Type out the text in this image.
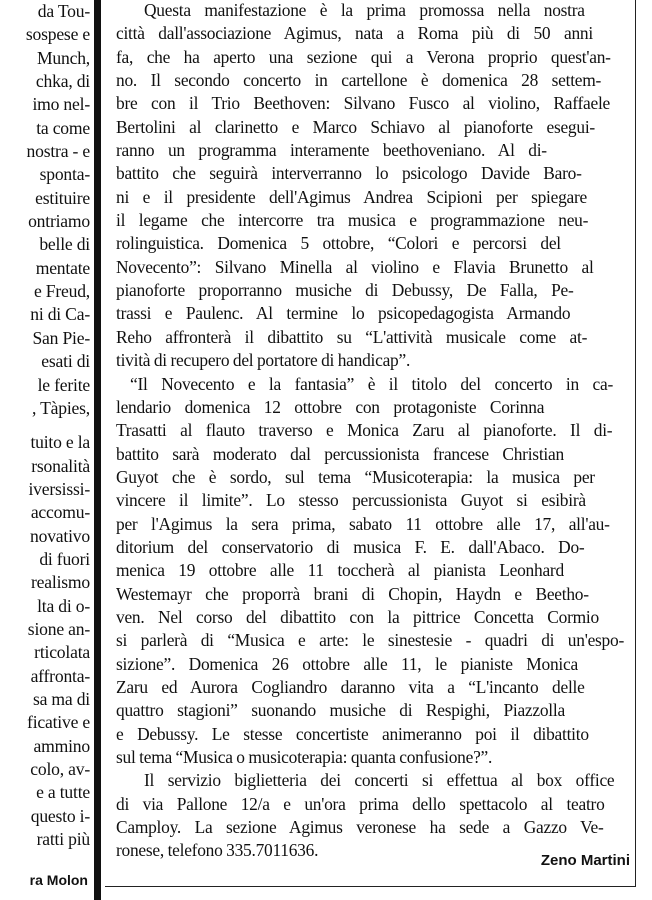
da Tou-
sospese e
Munch,
chka, di
imo nel-
ta come
nostra - e
sponta-
estituire
ontriamo
belle di
mentate
e Freud,
ni di Ca-
San Pie-
esati di
le ferite
, Tàpies,
tuito e la
rsonalità
iversissi-
accomu-
novativo
di fuori
realismo
lta di o-
sione an-
rticolata
affronta-
sa ma di
ficative e
ammino
colo, av-
e a tutte
questo i-
ratti più
ra Molon
Questa manifestazione è la prima promossa nella nostra
città dall'associazione Agimus, nata a Roma più di 50 anni
fa, che ha aperto una sezione qui a Verona proprio quest'an-
no. Il secondo concerto in cartellone è domenica 28 settem-
bre con il Trio Beethoven: Silvano Fusco al violino, Raffaele
Bertolini al clarinetto e Marco Schiavo al pianoforte esegui-
ranno un programma interamente beethoveniano. Al di-
battito che seguirà interverranno lo psicologo Davide Baro-
ni e il presidente dell'Agimus Andrea Scipioni per spiegare
il legame che intercorre tra musica e programmazione neu-
rolinguistica. Domenica 5 ottobre, “Colori e percorsi del
Novecento”: Silvano Minella al violino e Flavia Brunetto al
pianoforte proporranno musiche di Debussy, De Falla, Pe-
trassi e Paulenc. Al termine lo psicopedagogista Armando
Reho affronterà il dibattito su “L'attività musicale come at-
tività di recupero del portatore di handicap”.
“Il Novecento e la fantasia” è il titolo del concerto in ca-
lendario domenica 12 ottobre con protagoniste Corinna
Trasatti al flauto traverso e Monica Zaru al pianoforte. Il di-
battito sarà moderato dal percussionista francese Christian
Guyot che è sordo, sul tema “Musicoterapia: la musica per
vincere il limite”. Lo stesso percussionista Guyot si esibirà
per l'Agimus la sera prima, sabato 11 ottobre alle 17, all'au-
ditorium del conservatorio di musica F. E. dall'Abaco. Do-
menica 19 ottobre alle 11 toccherà al pianista Leonhard
Westemayr che proporrà brani di Chopin, Haydn e Beetho-
ven. Nel corso del dibattito con la pittrice Concetta Cormio
si parlerà di “Musica e arte: le sinestesie - quadri di un'espo-
sizione”. Domenica 26 ottobre alle 11, le pianiste Monica
Zaru ed Aurora Cogliandro daranno vita a “L'incanto delle
quattro stagioni” suonando musiche di Respighi, Piazzolla
e Debussy. Le stesse concertiste animeranno poi il dibattito
sul tema “Musica o musicoterapia: quanta confusione?”.
Il servizio biglietteria dei concerti si effettua al box office
di via Pallone 12/a e un'ora prima dello spettacolo al teatro
Camploy. La sezione Agimus veronese ha sede a Gazzo Ve-
ronese, telefono 335.7011636.
Zeno Martini
